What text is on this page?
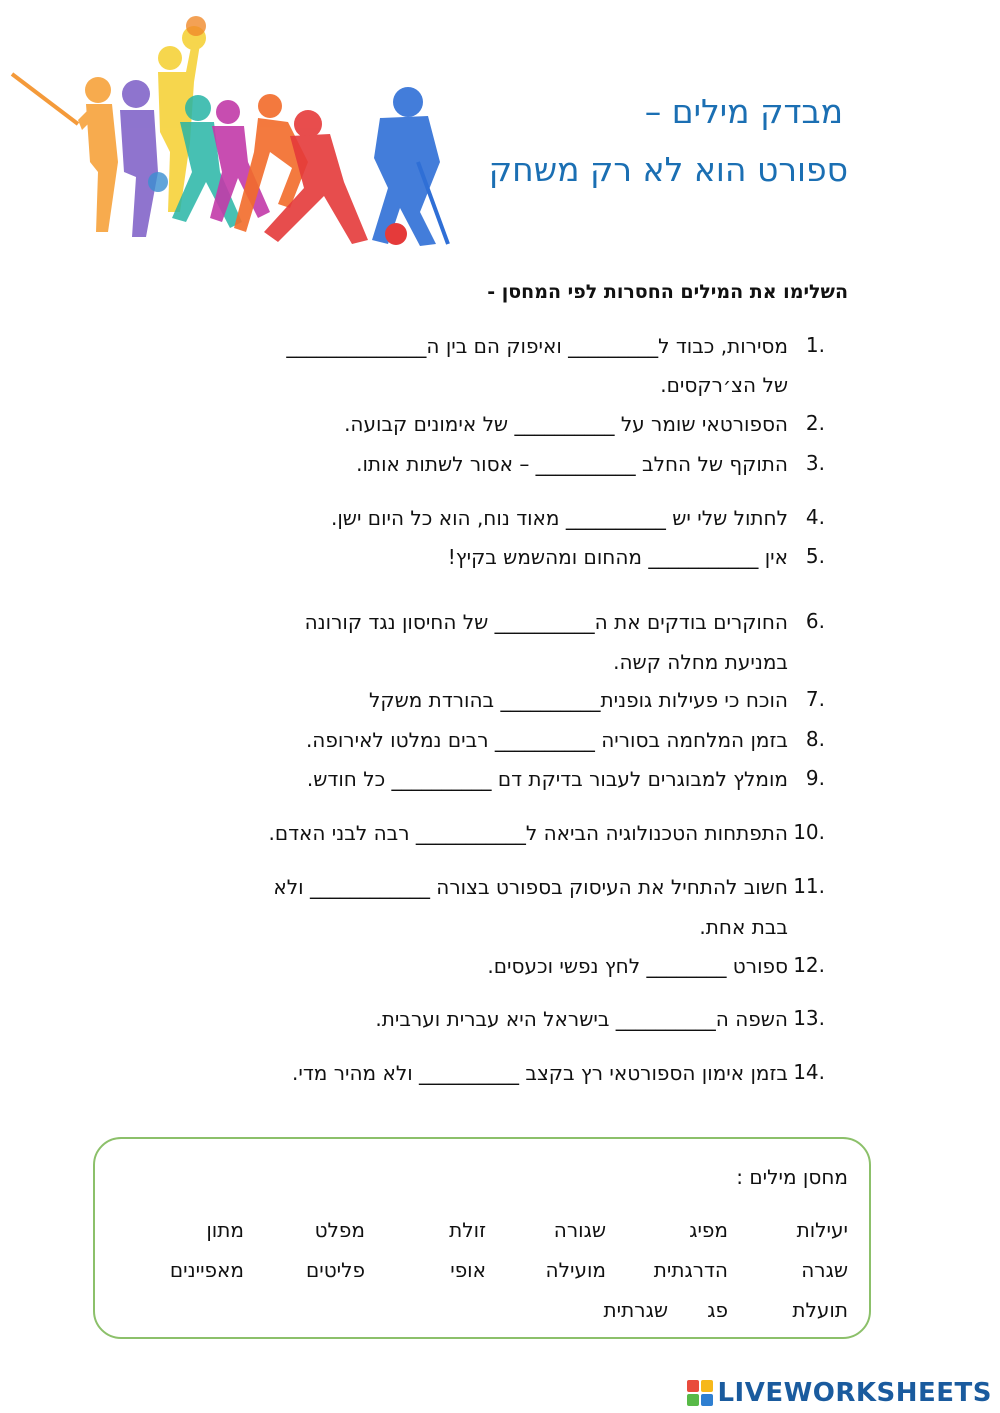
מבדק מילים –
ספורט הוא לא רק משחק
השלימו את המילים החסרות לפי המחסן -
1.
מסירות, כבוד ל_________ ואיפוק הם בין ה______________
של הצ׳רקסים.
2.
הספורטאי שומר על __________ של אימונים קבועה.
3.
התוקף של החלב __________ – אסור לשתות אותו.
4.
לחתול שלי יש __________ מאוד נוח, הוא כל היום ישן.
5.
אין ___________ מהחום ומהשמש בקיץ!
6.
החוקרים בודקים את ה__________ של החיסון נגד קורונה
במניעת מחלה קשה.
7.
הוכח כי פעילות גופנית__________ בהורדת משקל
8.
בזמן המלחמה בסוריה __________ רבים נמלטו לאירופה.
9.
מומלץ למבוגרים לעבור בדיקת דם __________ כל חודש.
10.
התפתחות הטכנולוגיה הביאה ל___________ רבה לבני האדם.
11.
חשוב להתחיל את העיסוק בספורט בצורה ____________ ולא
בבת אחת.
12.
ספורט ________ לחץ נפשי וכעסים.
13.
השפה ה__________ בישראל היא עברית וערבית.
14.
בזמן אימון הספורטאי רץ בקצב __________ ולא מהיר מדי.
מחסן מילים :
יעילות
מפיג
שגורה
זולת
מפלט
מתון
שגרה
הדרגתית
מועילה
אופי
פליטים
מאפיינים
תועלת
פג
שגרתית
LIVEWORKSHEETS
